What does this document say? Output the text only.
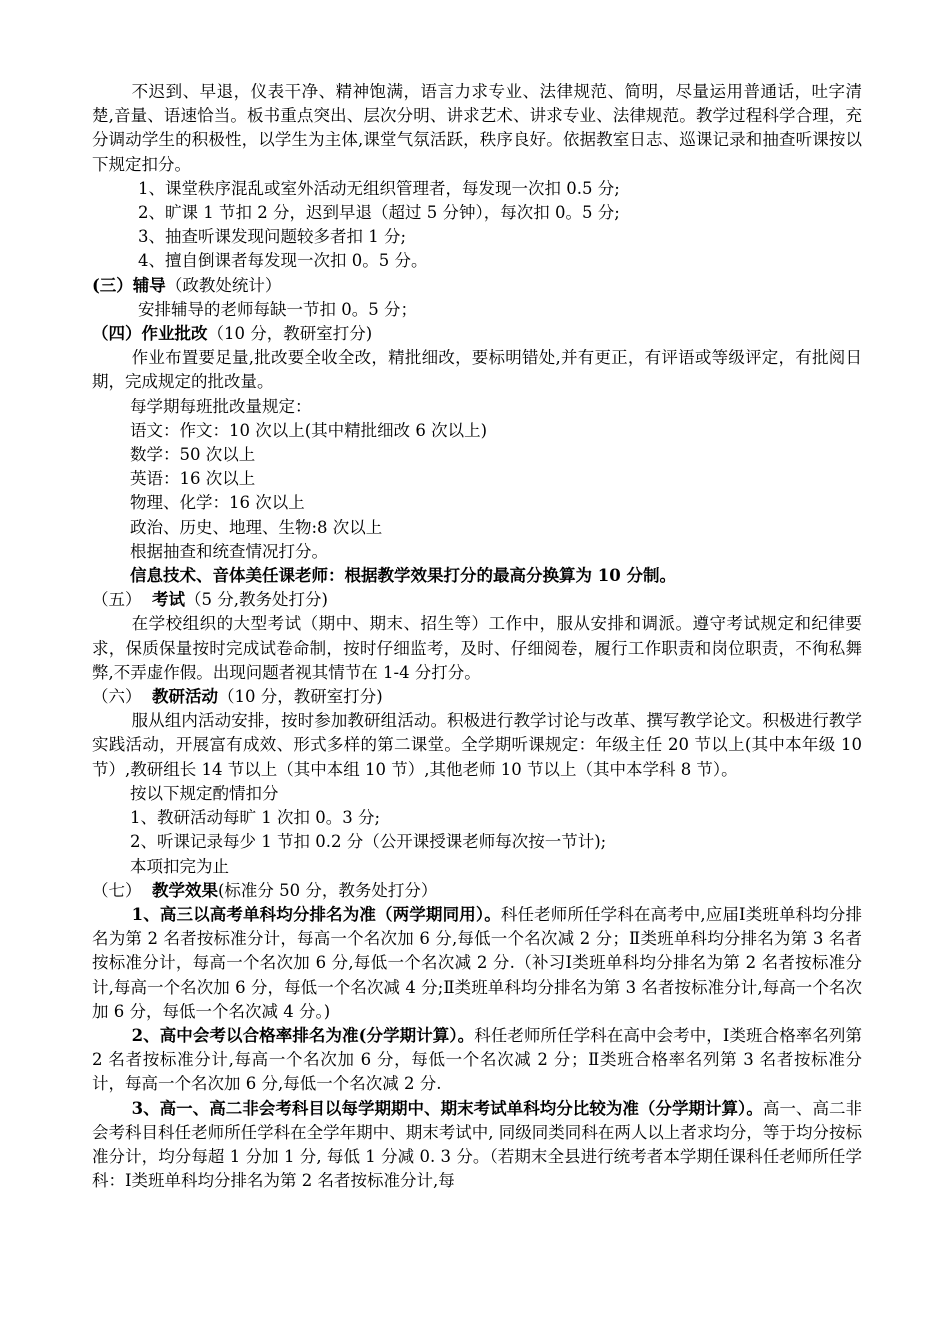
不迟到、早退，仪表干净、精神饱满，语言力求专业、法律规范、简明，尽量运用普通话，吐字清楚,音量、语速恰当。板书重点突出、层次分明、讲求艺术、讲求专业、法律规范。教学过程科学合理，充分调动学生的积极性，以学生为主体,课堂气氛活跃，秩序良好。依据教室日志、巡课记录和抽查听课按以下规定扣分。

1、课堂秩序混乱或室外活动无组织管理者，每发现一次扣 0.5 分;

2、旷课 1 节扣 2 分，迟到早退（超过 5 分钟），每次扣 0。5 分;

3、抽查听课发现问题较多者扣 1 分;

4、擅自倒课者每发现一次扣 0。5 分。

(三）辅导（政教处统计）

安排辅导的老师每缺一节扣 0。5 分；

（四）作业批改（10 分，教研室打分)

作业布置要足量,批改要全收全改，精批细改，要标明错处,并有更正，有评语或等级评定，有批阅日期，完成规定的批改量。

每学期每班批改量规定：

语文：作文：10 次以上(其中精批细改 6 次以上)

数学：50 次以上

英语：16 次以上

物理、化学：16 次以上

政治、历史、地理、生物:8 次以上

根据抽查和统查情况打分。

信息技术、音体美任课老师：根据教学效果打分的最高分换算为 10 分制。

（五） 考试（5 分,教务处打分)

在学校组织的大型考试（期中、期末、招生等）工作中，服从安排和调派。遵守考试规定和纪律要求，保质保量按时完成试卷命制，按时仔细监考，及时、仔细阅卷，履行工作职责和岗位职责，不徇私舞弊,不弄虚作假。出现问题者视其情节在 1-4 分打分。

（六） 教研活动（10 分，教研室打分)

服从组内活动安排，按时参加教研组活动。积极进行教学讨论与改革、撰写教学论文。积极进行教学实践活动，开展富有成效、形式多样的第二课堂。全学期听课规定：年级主任 20 节以上(其中本年级 10 节）,教研组长 14 节以上（其中本组 10 节）,其他老师 10 节以上（其中本学科 8 节）。

按以下规定酌情扣分

1、教研活动每旷 1 次扣 0。3 分;

2、听课记录每少 1 节扣 0.2 分（公开课授课老师每次按一节计);

本项扣完为止

（七） 教学效果(标准分 50 分，教务处打分）

1、高三以高考单科均分排名为准（两学期同用）。科任老师所任学科在高考中,应届Ⅰ类班单科均分排名为第 2 名者按标准分计，每高一个名次加 6 分,每低一个名次减 2 分；Ⅱ类班单科均分排名为第 3 名者按标准分计，每高一个名次加 6 分,每低一个名次减 2 分.（补习Ⅰ类班单科均分排名为第 2 名者按标准分计,每高一个名次加 6 分，每低一个名次减 4 分;Ⅱ类班单科均分排名为第 3 名者按标准分计,每高一个名次加 6 分，每低一个名次减 4 分。)

2、高中会考以合格率排名为准(分学期计算）。科任老师所任学科在高中会考中，Ⅰ类班合格率名列第 2 名者按标准分计,每高一个名次加 6 分，每低一个名次减 2 分；Ⅱ类班合格率名列第 3 名者按标准分计，每高一个名次加 6 分,每低一个名次减 2 分.

3、高一、高二非会考科目以每学期期中、期末考试单科均分比较为准（分学期计算）。高一、高二非会考科目科任老师所任学科在全学年期中、期末考试中, 同级同类同科在两人以上者求均分，等于均分按标准分计，均分每超 1 分加 1 分, 每低 1 分减 0. 3 分。（若期末全县进行统考者本学期任课科任老师所任学科：Ⅰ类班单科均分排名为第 2 名者按标准分计,每
